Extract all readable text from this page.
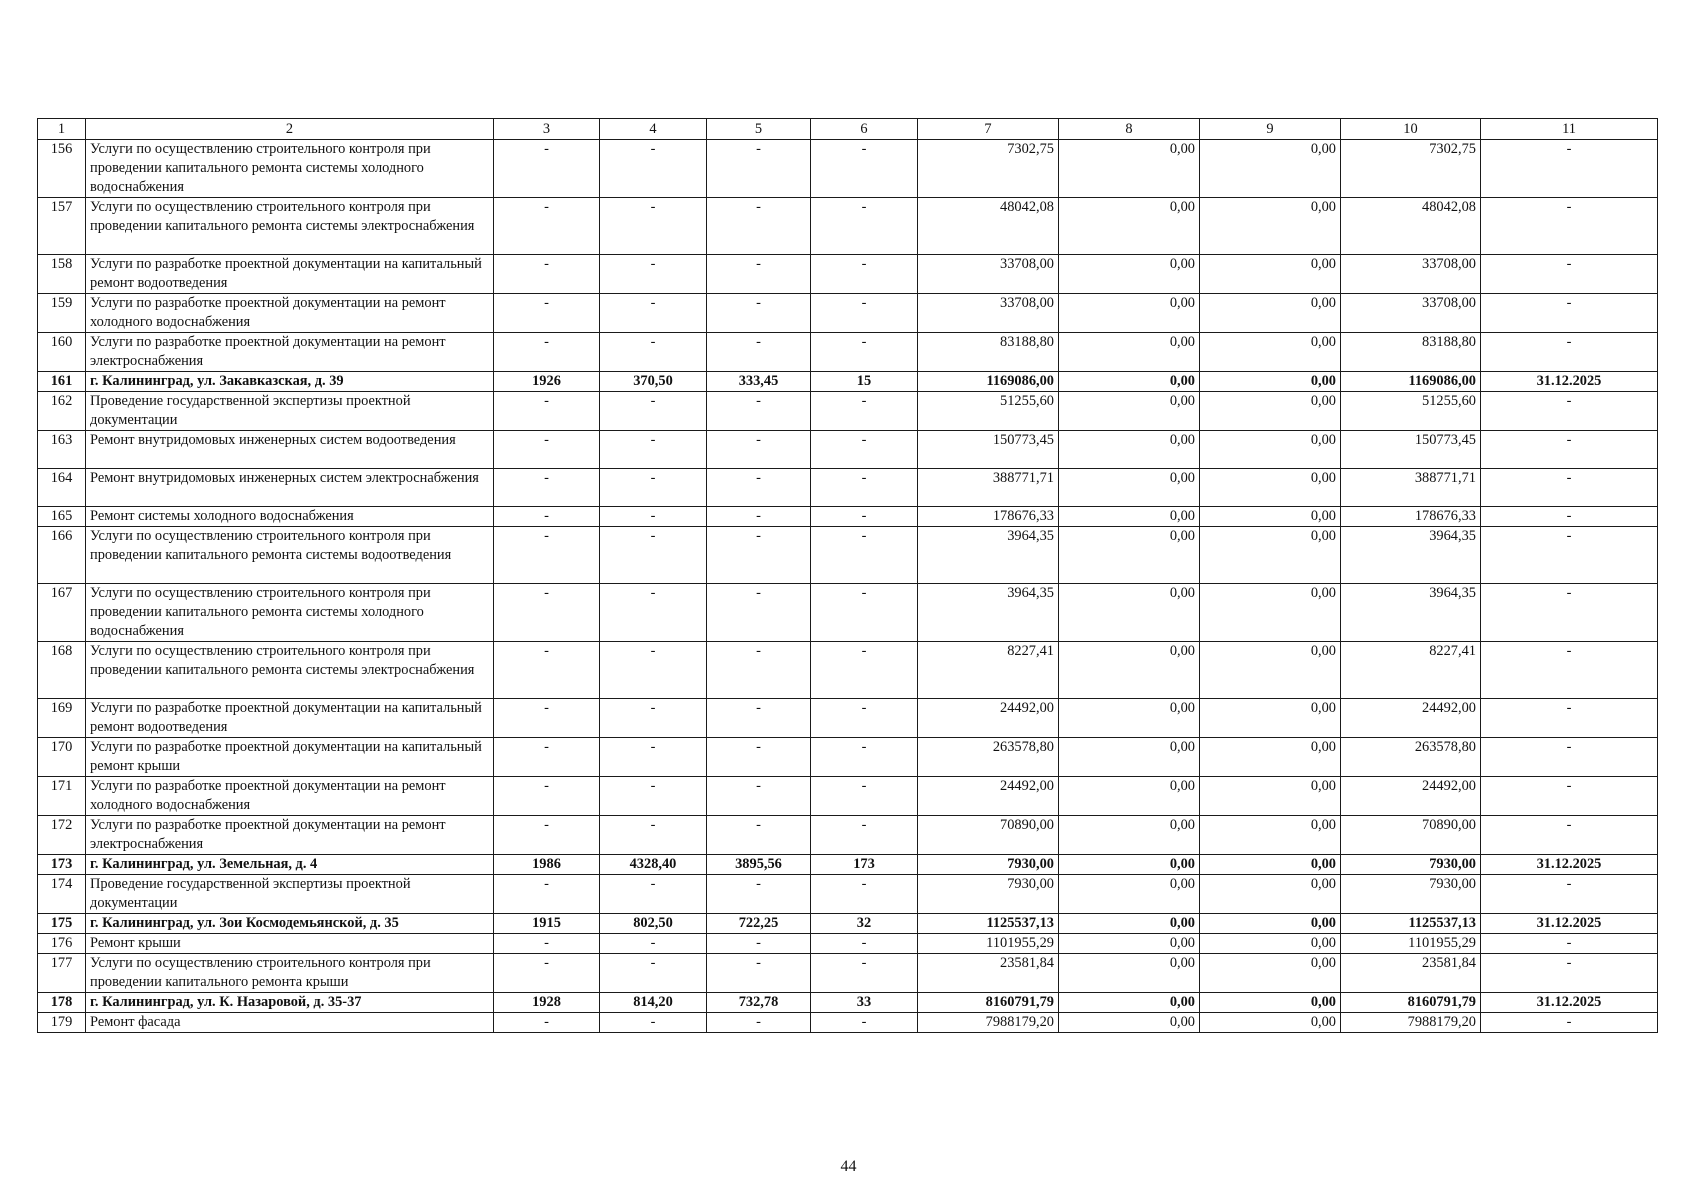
1	2	3	4	5	6	7	8	9	10	11
156	Услуги по осуществлению строительного контроля при проведении капитального ремонта системы холодного водоснабжения	-	-	-	-	7302,75	0,00	0,00	7302,75	-
157	Услуги по осуществлению строительного контроля при проведении капитального ремонта системы электроснабжения	-	-	-	-	48042,08	0,00	0,00	48042,08	-
158	Услуги по разработке проектной документации на капитальный ремонт водоотведения	-	-	-	-	33708,00	0,00	0,00	33708,00	-
159	Услуги по разработке проектной документации на ремонт холодного водоснабжения	-	-	-	-	33708,00	0,00	0,00	33708,00	-
160	Услуги по разработке проектной документации на ремонт электроснабжения	-	-	-	-	83188,80	0,00	0,00	83188,80	-
161	г. Калининград, ул. Закавказская, д. 39	1926	370,50	333,45	15	1169086,00	0,00	0,00	1169086,00	31.12.2025
162	Проведение государственной экспертизы проектной документации	-	-	-	-	51255,60	0,00	0,00	51255,60	-
163	Ремонт внутридомовых инженерных систем водоотведения	-	-	-	-	150773,45	0,00	0,00	150773,45	-
164	Ремонт внутридомовых инженерных систем электроснабжения	-	-	-	-	388771,71	0,00	0,00	388771,71	-
165	Ремонт системы холодного водоснабжения	-	-	-	-	178676,33	0,00	0,00	178676,33	-
166	Услуги по осуществлению строительного контроля при проведении капитального ремонта системы водоотведения	-	-	-	-	3964,35	0,00	0,00	3964,35	-
167	Услуги по осуществлению строительного контроля при проведении капитального ремонта системы холодного водоснабжения	-	-	-	-	3964,35	0,00	0,00	3964,35	-
168	Услуги по осуществлению строительного контроля при проведении капитального ремонта системы электроснабжения	-	-	-	-	8227,41	0,00	0,00	8227,41	-
169	Услуги по разработке проектной документации на капитальный ремонт водоотведения	-	-	-	-	24492,00	0,00	0,00	24492,00	-
170	Услуги по разработке проектной документации на капитальный ремонт крыши	-	-	-	-	263578,80	0,00	0,00	263578,80	-
171	Услуги по разработке проектной документации на ремонт холодного водоснабжения	-	-	-	-	24492,00	0,00	0,00	24492,00	-
172	Услуги по разработке проектной документации на ремонт электроснабжения	-	-	-	-	70890,00	0,00	0,00	70890,00	-
173	г. Калининград, ул. Земельная, д. 4	1986	4328,40	3895,56	173	7930,00	0,00	0,00	7930,00	31.12.2025
174	Проведение государственной экспертизы проектной документации	-	-	-	-	7930,00	0,00	0,00	7930,00	-
175	г. Калининград, ул. Зои Космодемьянской, д. 35	1915	802,50	722,25	32	1125537,13	0,00	0,00	1125537,13	31.12.2025
176	Ремонт крыши	-	-	-	-	1101955,29	0,00	0,00	1101955,29	-
177	Услуги по осуществлению строительного контроля при проведении капитального ремонта крыши	-	-	-	-	23581,84	0,00	0,00	23581,84	-
178	г. Калининград, ул. К. Назаровой, д. 35-37	1928	814,20	732,78	33	8160791,79	0,00	0,00	8160791,79	31.12.2025
179	Ремонт фасада	-	-	-	-	7988179,20	0,00	0,00	7988179,20	-
44
